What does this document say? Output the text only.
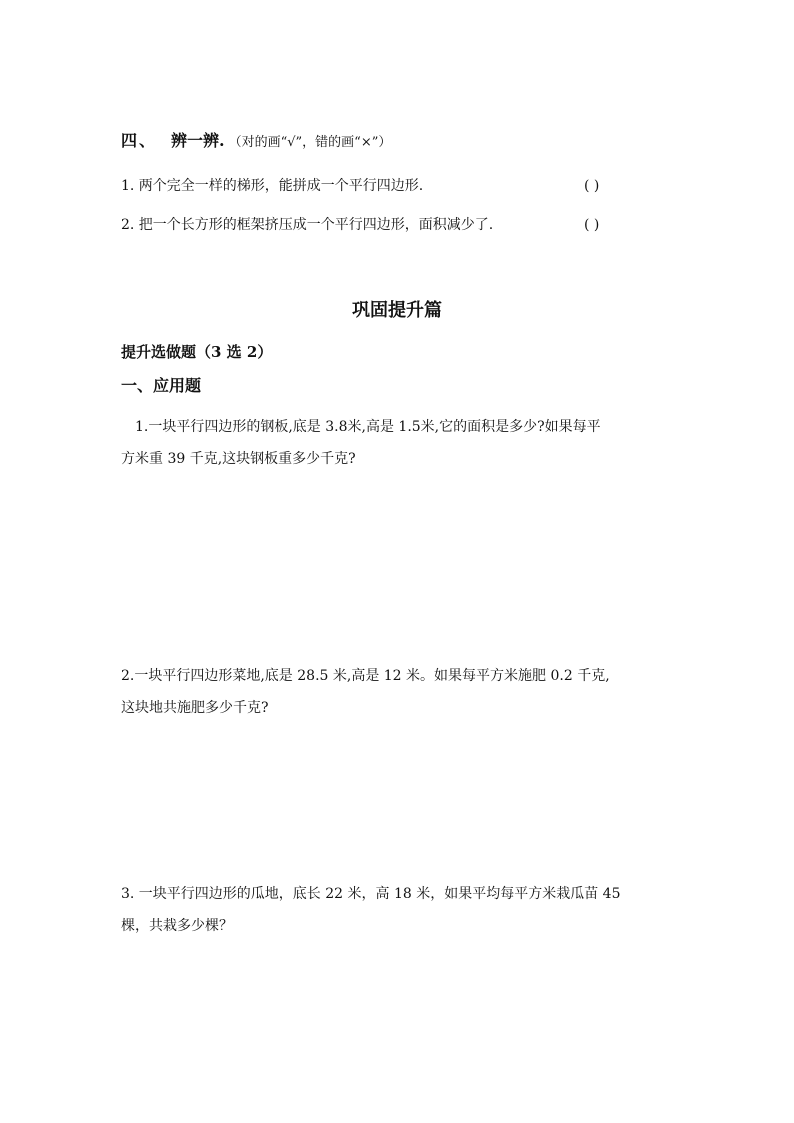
四、 辨一辨. （对的画“√”，错的画“×”）
1. 两个完全一样的梯形，能拼成一个平行四边形.	( )
2. 把一个长方形的框架挤压成一个平行四边形，面积减少了.	( )
巩固提升篇
提升选做题（3 选 2）
一、应用题
1.一块平行四边形的钢板,底是 3.8米,高是 1.5米,它的面积是多少?如果每平
方米重 39 千克,这块钢板重多少千克?
2.一块平行四边形菜地,底是 28.5 米,高是 12 米。如果每平方米施肥 0.2 千克,
这块地共施肥多少千克?
3. 一块平行四边形的瓜地，底长 22 米，高 18 米，如果平均每平方米栽瓜苗 45
棵，共栽多少棵？
